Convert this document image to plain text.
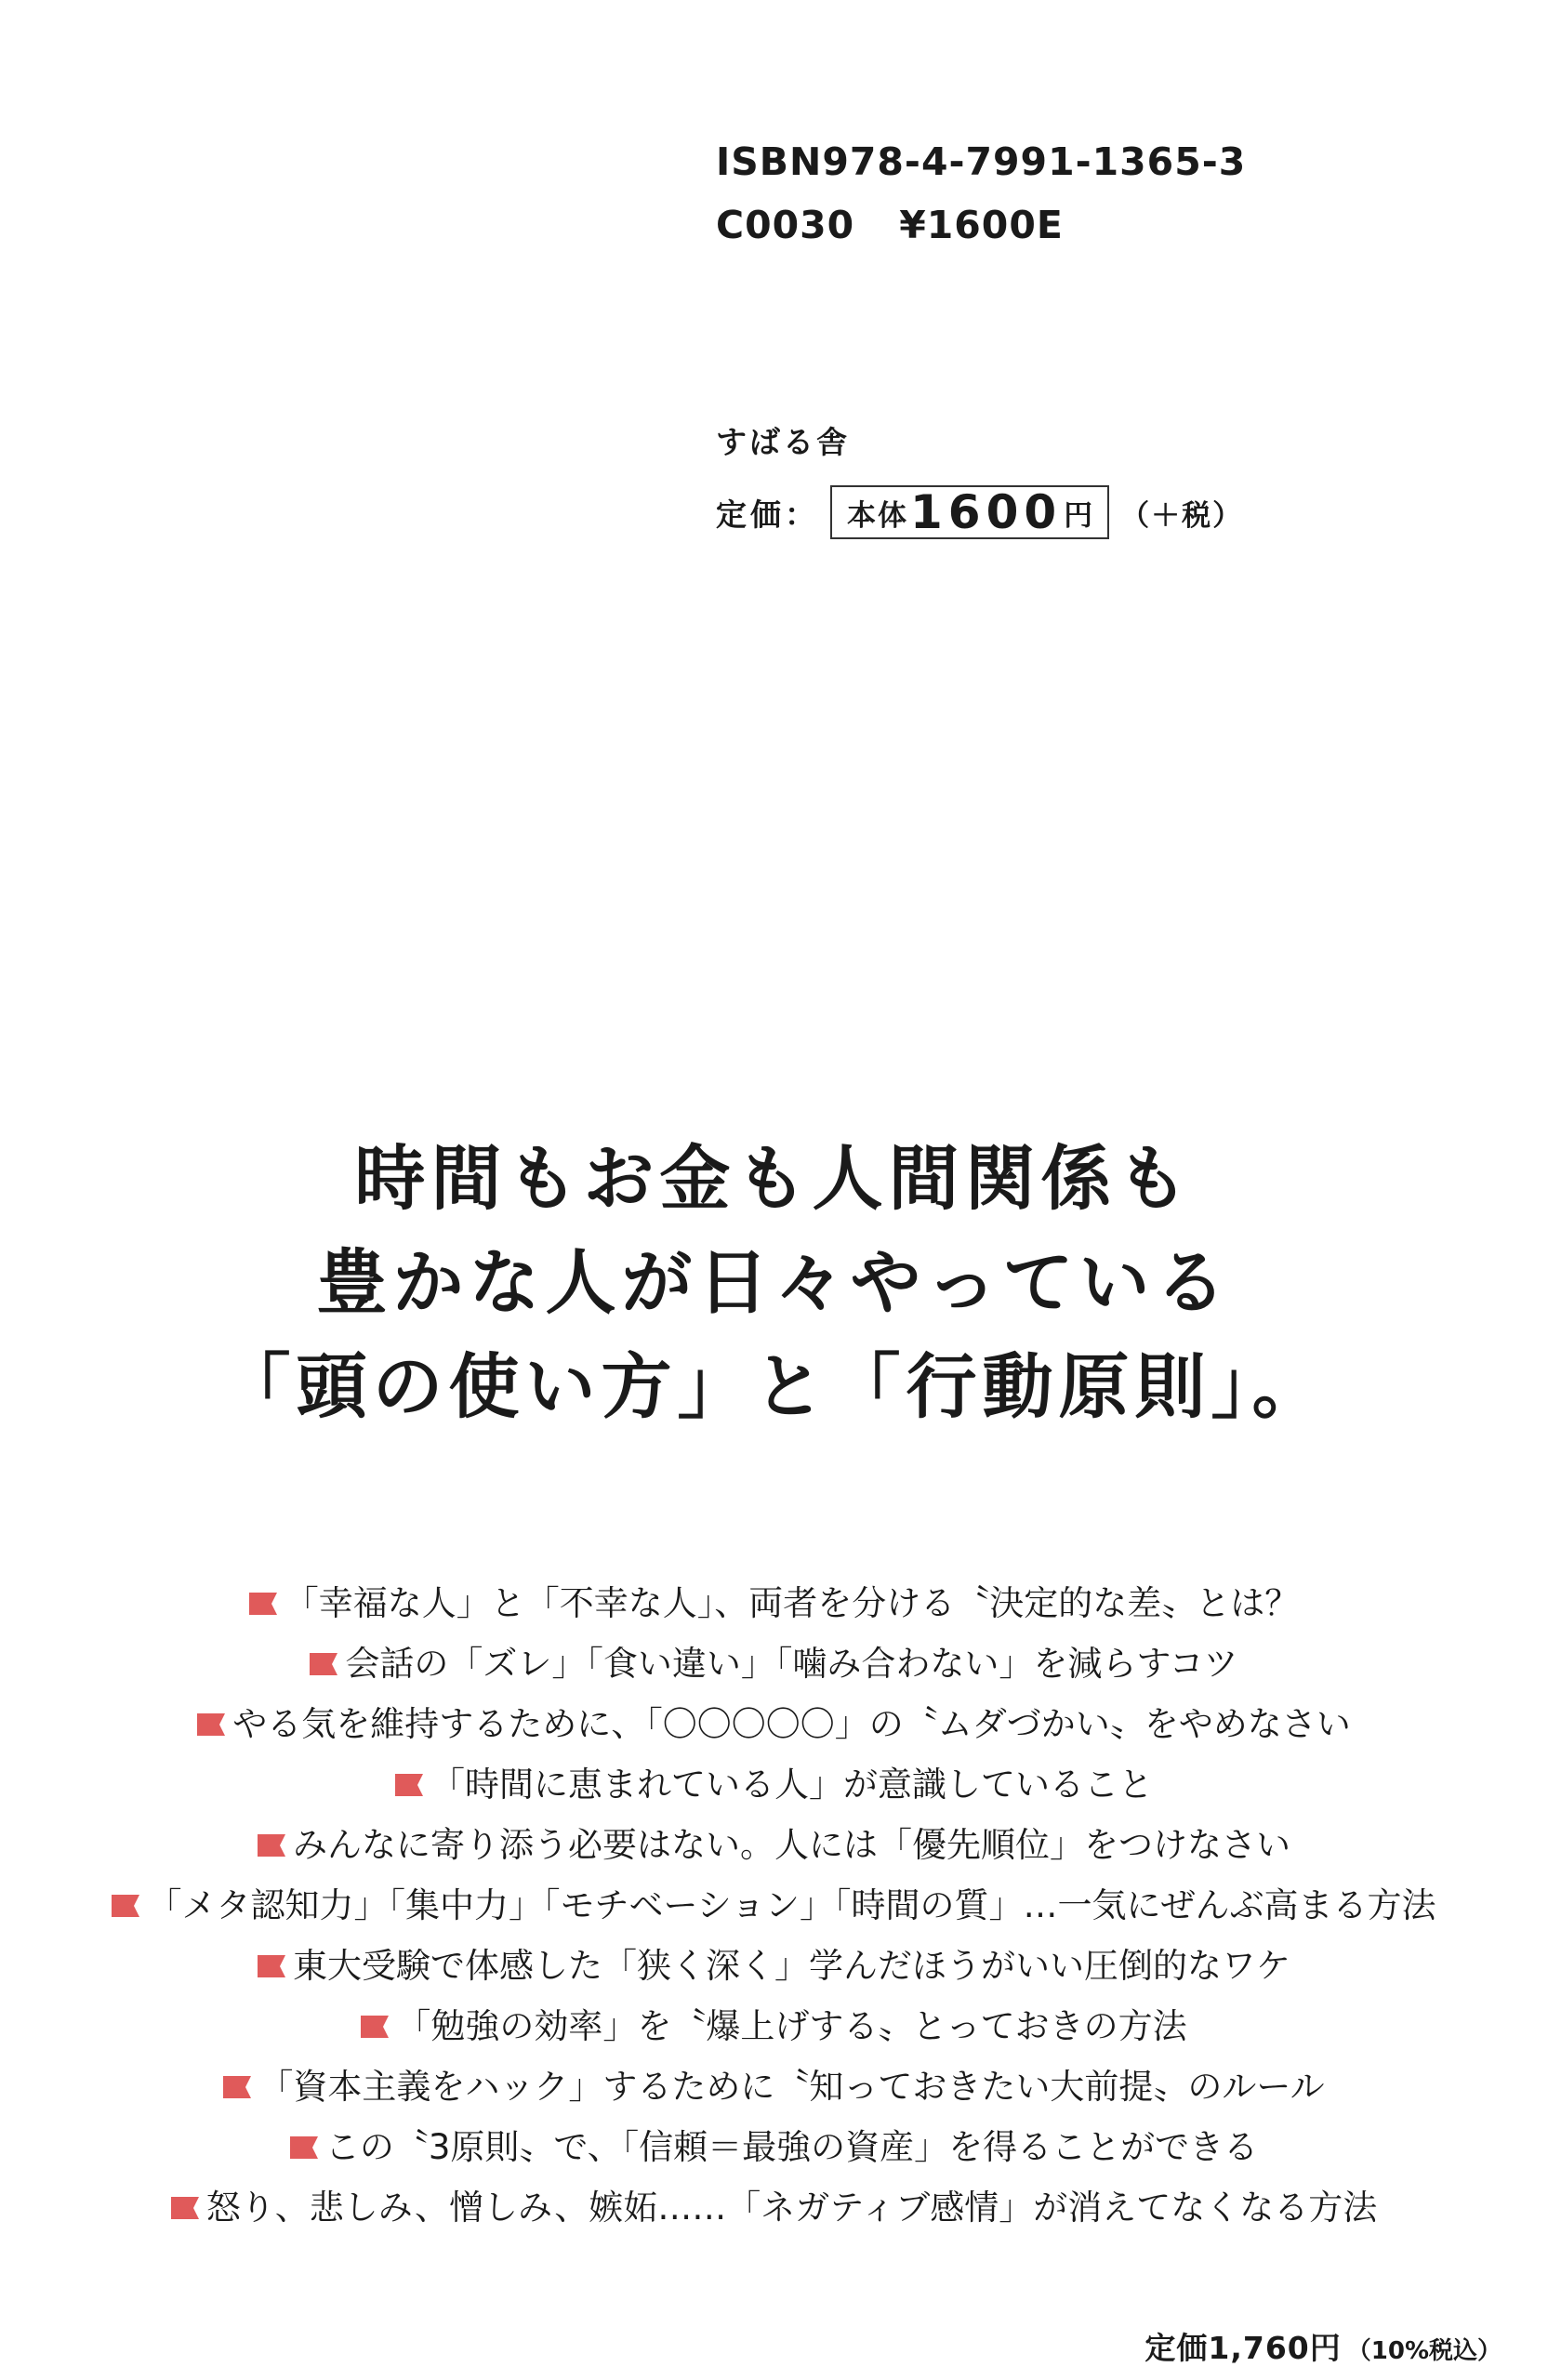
ISBN978-4-7991-1365-3
C0030 ¥1600E
すばる舎
定価： 本体 1600 円 （＋税）
時間もお金も人間関係も
豊かな人が日々やっている
「頭の使い方」と「行動原則」。
「幸福な人」と「不幸な人」、両者を分ける〝決定的な差〟とは？
会話の「ズレ」「食い違い」「噛み合わない」を減らすコツ
やる気を維持するために、「〇〇〇〇〇」の〝ムダづかい〟をやめなさい
「時間に恵まれている人」が意識していること
みんなに寄り添う必要はない。人には「優先順位」をつけなさい
「メタ認知力」「集中力」「モチベーション」「時間の質」…一気にぜんぶ高まる方法
東大受験で体感した「狭く深く」学んだほうがいい圧倒的なワケ
「勉強の効率」を〝爆上げする〟とっておきの方法
「資本主義をハック」するために〝知っておきたい大前提〟のルール
この〝3原則〟で、「信頼＝最強の資産」を得ることができる
怒り、悲しみ、憎しみ、嫉妬……「ネガティブ感情」が消えてなくなる方法
定価1,760円 （10%税込）
